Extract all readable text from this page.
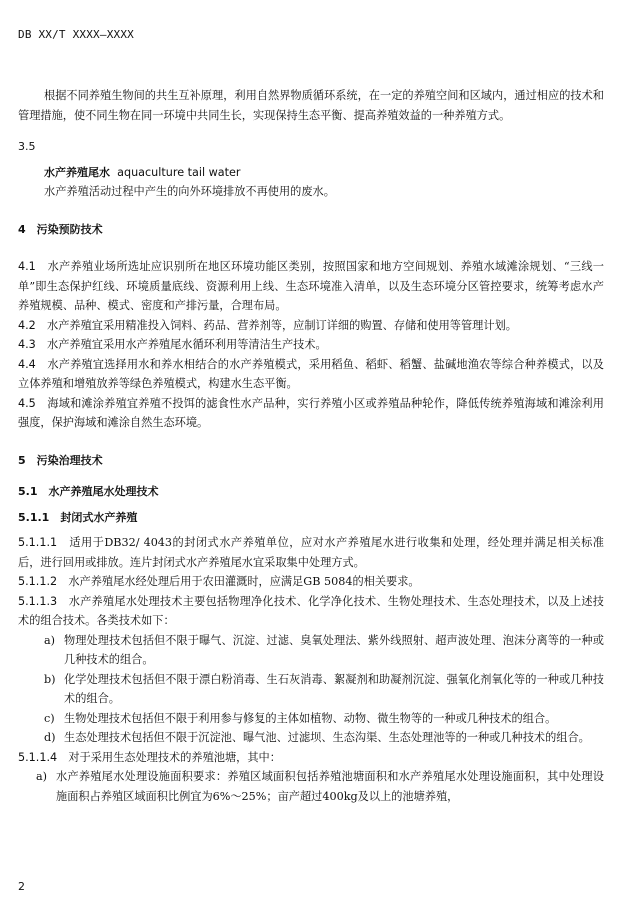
DB XX/T XXXX—XXXX

根据不同养殖生物间的共生互补原理，利用自然界物质循环系统，在一定的养殖空间和区域内，通过相应的技术和管理措施，使不同生物在同一环境中共同生长，实现保持生态平衡、提高养殖效益的一种养殖方式。

3.5

水产养殖尾水 aquaculture tail water

水产养殖活动过程中产生的向外环境排放不再使用的废水。

4　污染预防技术

4.1　 水产养殖业场所选址应识别所在地区环境功能区类别，按照国家和地方空间规划、养殖水域滩涂规划、“三线一单”即生态保护红线、环境质量底线、资源利用上线、生态环境准入清单，以及生态环境分区管控要求，统筹考虑水产养殖规模、品种、模式、密度和产排污量，合理布局。

4.2　 水产养殖宜采用精准投入饲料、药品、营养剂等，应制订详细的购置、存储和使用等管理计划。

4.3　 水产养殖宜采用水产养殖尾水循环利用等清洁生产技术。

4.4　 水产养殖宜选择用水和养水相结合的水产养殖模式，采用稻鱼、稻虾、稻蟹、盐碱地渔农等综合种养模式，以及立体养殖和增殖放养等绿色养殖模式，构建水生态平衡。

4.5　 海域和滩涂养殖宜养殖不投饵的滤食性水产品种，实行养殖小区或养殖品种轮作，降低传统养殖海域和滩涂利用强度，保护海域和滩涂自然生态环境。

5　污染治理技术

5.1　水产养殖尾水处理技术

5.1.1　封闭式水产养殖

5.1.1.1　 适用于DB32/ 4043的封闭式水产养殖单位，应对水产养殖尾水进行收集和处理，经处理并满足相关标准后，进行回用或排放。连片封闭式水产养殖尾水宜采取集中处理方式。

5.1.1.2　 水产养殖尾水经处理后用于农田灌溉时，应满足GB 5084的相关要求。

5.1.1.3　 水产养殖尾水处理技术主要包括物理净化技术、化学净化技术、生物处理技术、生态处理技术，以及上述技术的组合技术。各类技术如下：

a) 物理处理技术包括但不限于曝气、沉淀、过滤、臭氧处理法、紫外线照射、超声波处理、泡沫分离等的一种或几种技术的组合。
b) 化学处理技术包括但不限于漂白粉消毒、生石灰消毒、絮凝剂和助凝剂沉淀、强氧化剂氧化等的一种或几种技术的组合。
c) 生物处理技术包括但不限于利用参与修复的主体如植物、动物、微生物等的一种或几种技术的组合。
d) 生态处理技术包括但不限于沉淀池、曝气池、过滤坝、生态沟渠、生态处理池等的一种或几种技术的组合。

5.1.1.4　 对于采用生态处理技术的养殖池塘，其中：

a) 水产养殖尾水处理设施面积要求：养殖区域面积包括养殖池塘面积和水产养殖尾水处理设施面积，其中处理设施面积占养殖区域面积比例宜为6%～25%；亩产超过400kg及以上的池塘养殖，
2
